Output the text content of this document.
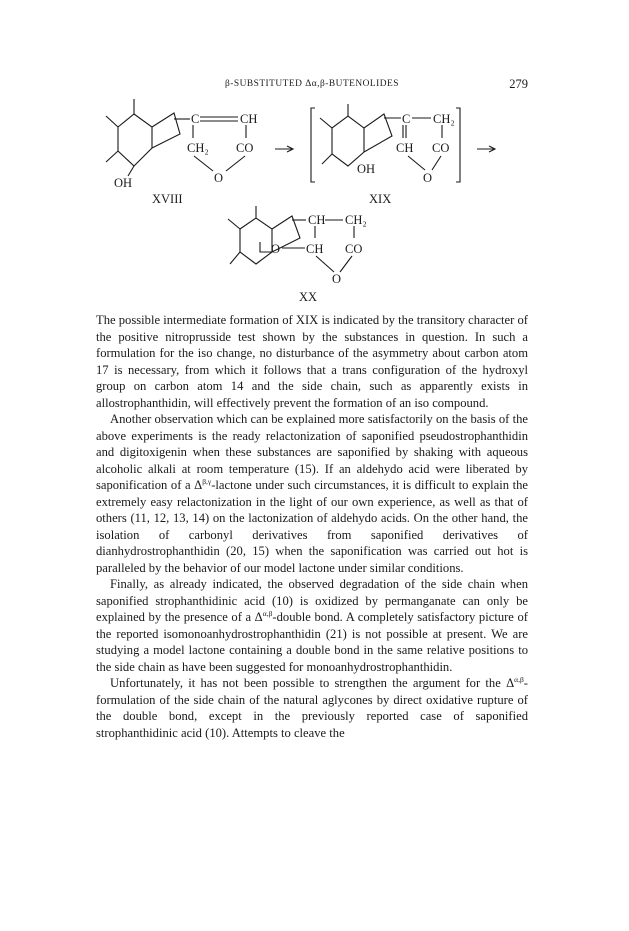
β-SUBSTITUTED Δα,β-BUTENOLIDES	279
C	CH
CH₂ CO
O
OH
XVIII
C CH₂
CH CO
O
OH
XIX
CH CH₂
O CH CO
O
XX

The possible intermediate formation of XIX is indicated by the transitory character of the positive nitroprusside test shown by the substances in question. In such a formulation for the iso change, no disturbance of the asymmetry about carbon atom 17 is necessary, from which it follows that a trans configuration of the hydroxyl group on carbon atom 14 and the side chain, such as apparently exists in allostrophanthidin, will effectively prevent the formation of an iso compound.

Another observation which can be explained more satisfactorily on the basis of the above experiments is the ready relactonization of saponified pseudostrophanthidin and digitoxigenin when these substances are saponified by shaking with aqueous alcoholic alkali at room temperature (15). If an aldehydo acid were liberated by saponification of a $\Delta^{\beta,\gamma}$-lactone under such circumstances, it is difficult to explain the extremely easy relactonization in the light of our own experience, as well as that of others (11, 12, 13, 14) on the lactonization of aldehydo acids. On the other hand, the isolation of carbonyl derivatives from saponified derivatives of dianhydrostrophanthidin (20, 15) when the saponification was carried out hot is paralleled by the behavior of our model lactone under similar conditions.

Finally, as already indicated, the observed degradation of the side chain when saponified strophanthidinic acid (10) is oxidized by permanganate can only be explained by the presence of a $\Delta^{\alpha,\beta}$-double bond. A completely satisfactory picture of the reported isomonoanhydrostrophanthidin (21) is not possible at present. We are studying a model lactone containing a double bond in the same relative positions to the side chain as have been suggested for monoanhydrostrophanthidin.

Unfortunately, it has not been possible to strengthen the argument for the $\Delta^{\alpha,\beta}$-formulation of the side chain of the natural aglycones by direct oxidative rupture of the double bond, except in the previously reported case of saponified strophanthidinic acid (10). Attempts to cleave the
